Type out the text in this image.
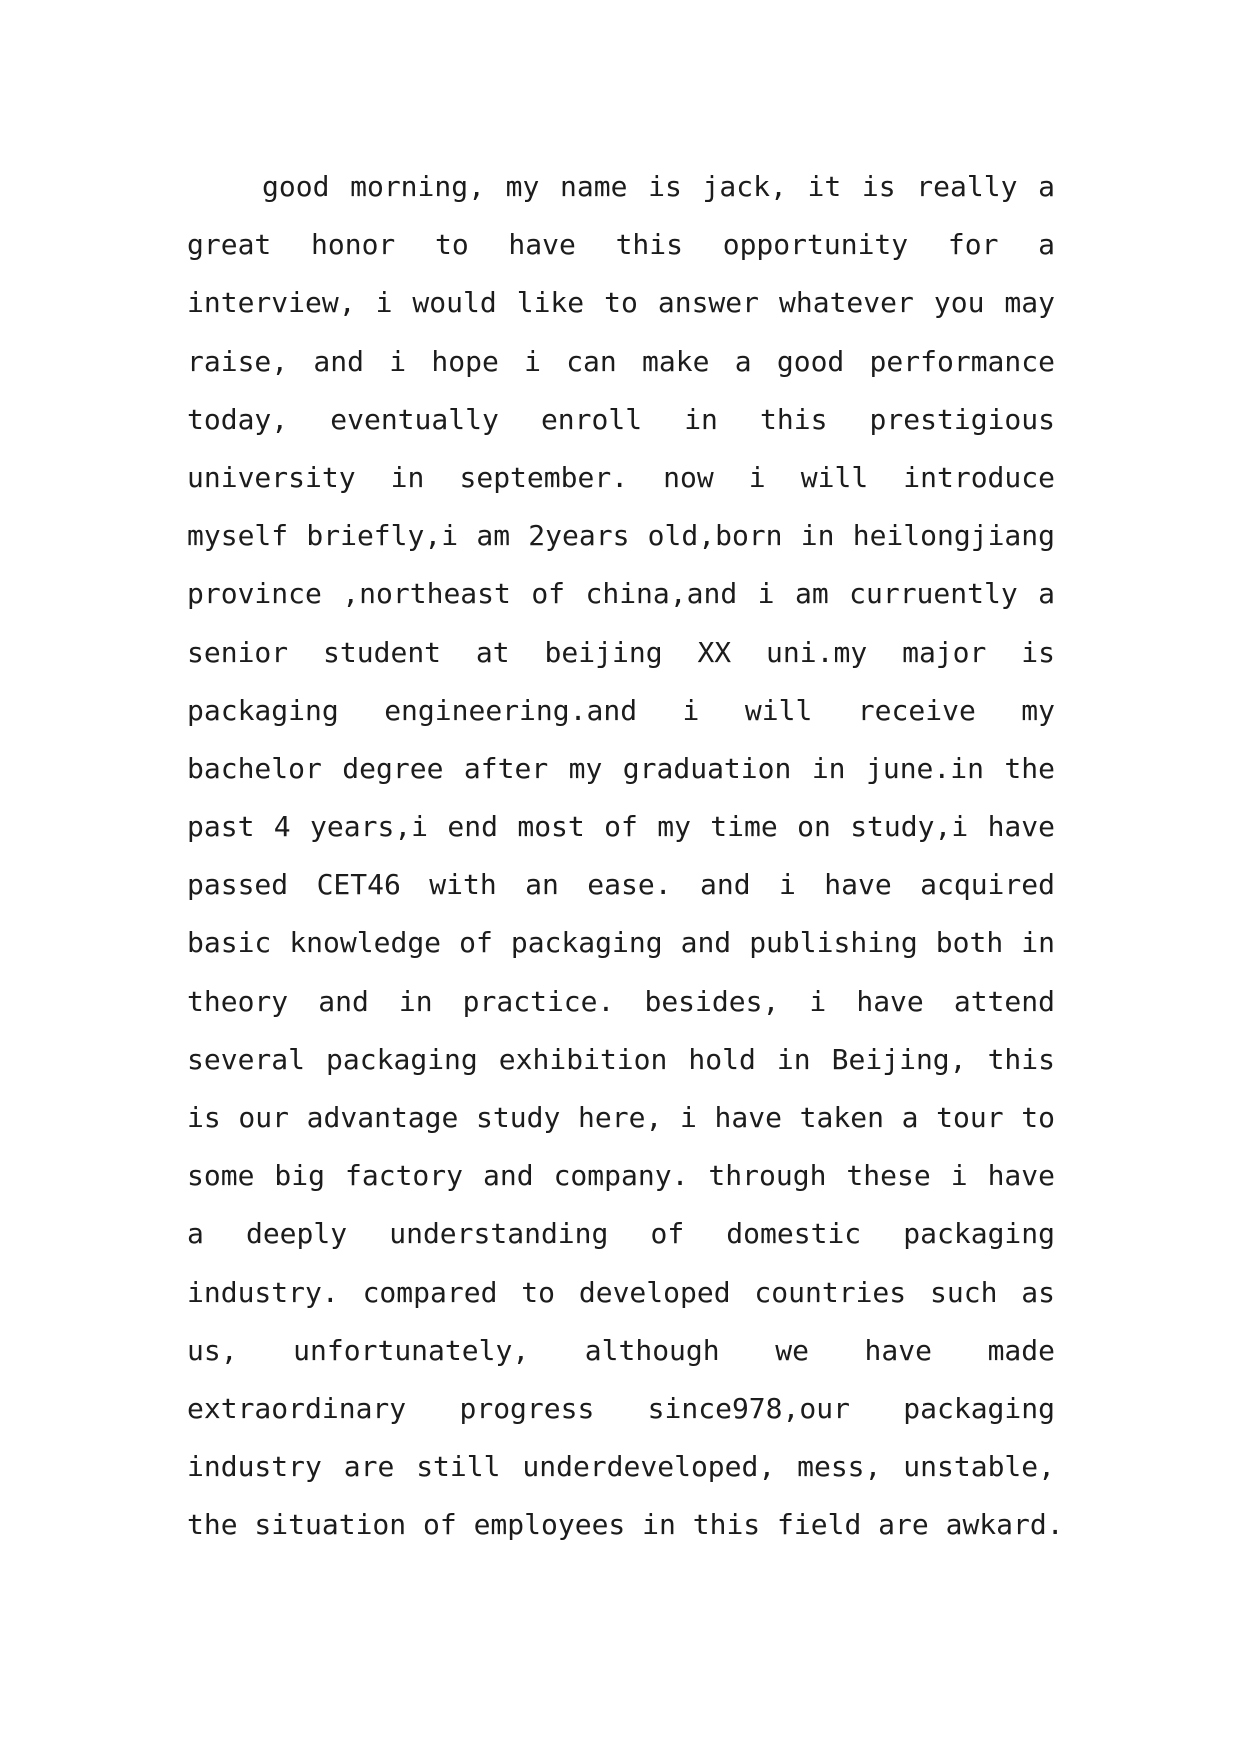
good morning, my name is jack, it is really a
great honor to have this opportunity for a
interview, i would like to answer whatever you may
raise, and i hope i can make a good performance
today, eventually enroll in this prestigious
university in september. now i will introduce
myself briefly,i am 2years old,born in heilongjiang
province ,northeast of china,and i am curruently a
senior student at beijing XX uni.my major is
packaging engineering.and i will receive my
bachelor degree after my graduation in june.in the
past 4 years,i end most of my time on study,i have
passed CET46 with an ease. and i have acquired
basic knowledge of packaging and publishing both in
theory and in practice. besides, i have attend
several packaging exhibition hold in Beijing, this
is our advantage study here, i have taken a tour to
some big factory and company. through these i have
a deeply understanding of domestic packaging
industry. compared to developed countries such as
us, unfortunately, although we have made
extraordinary progress since978,our packaging
industry are still underdeveloped, mess, unstable,
the situation of employees in this field are awkard.
